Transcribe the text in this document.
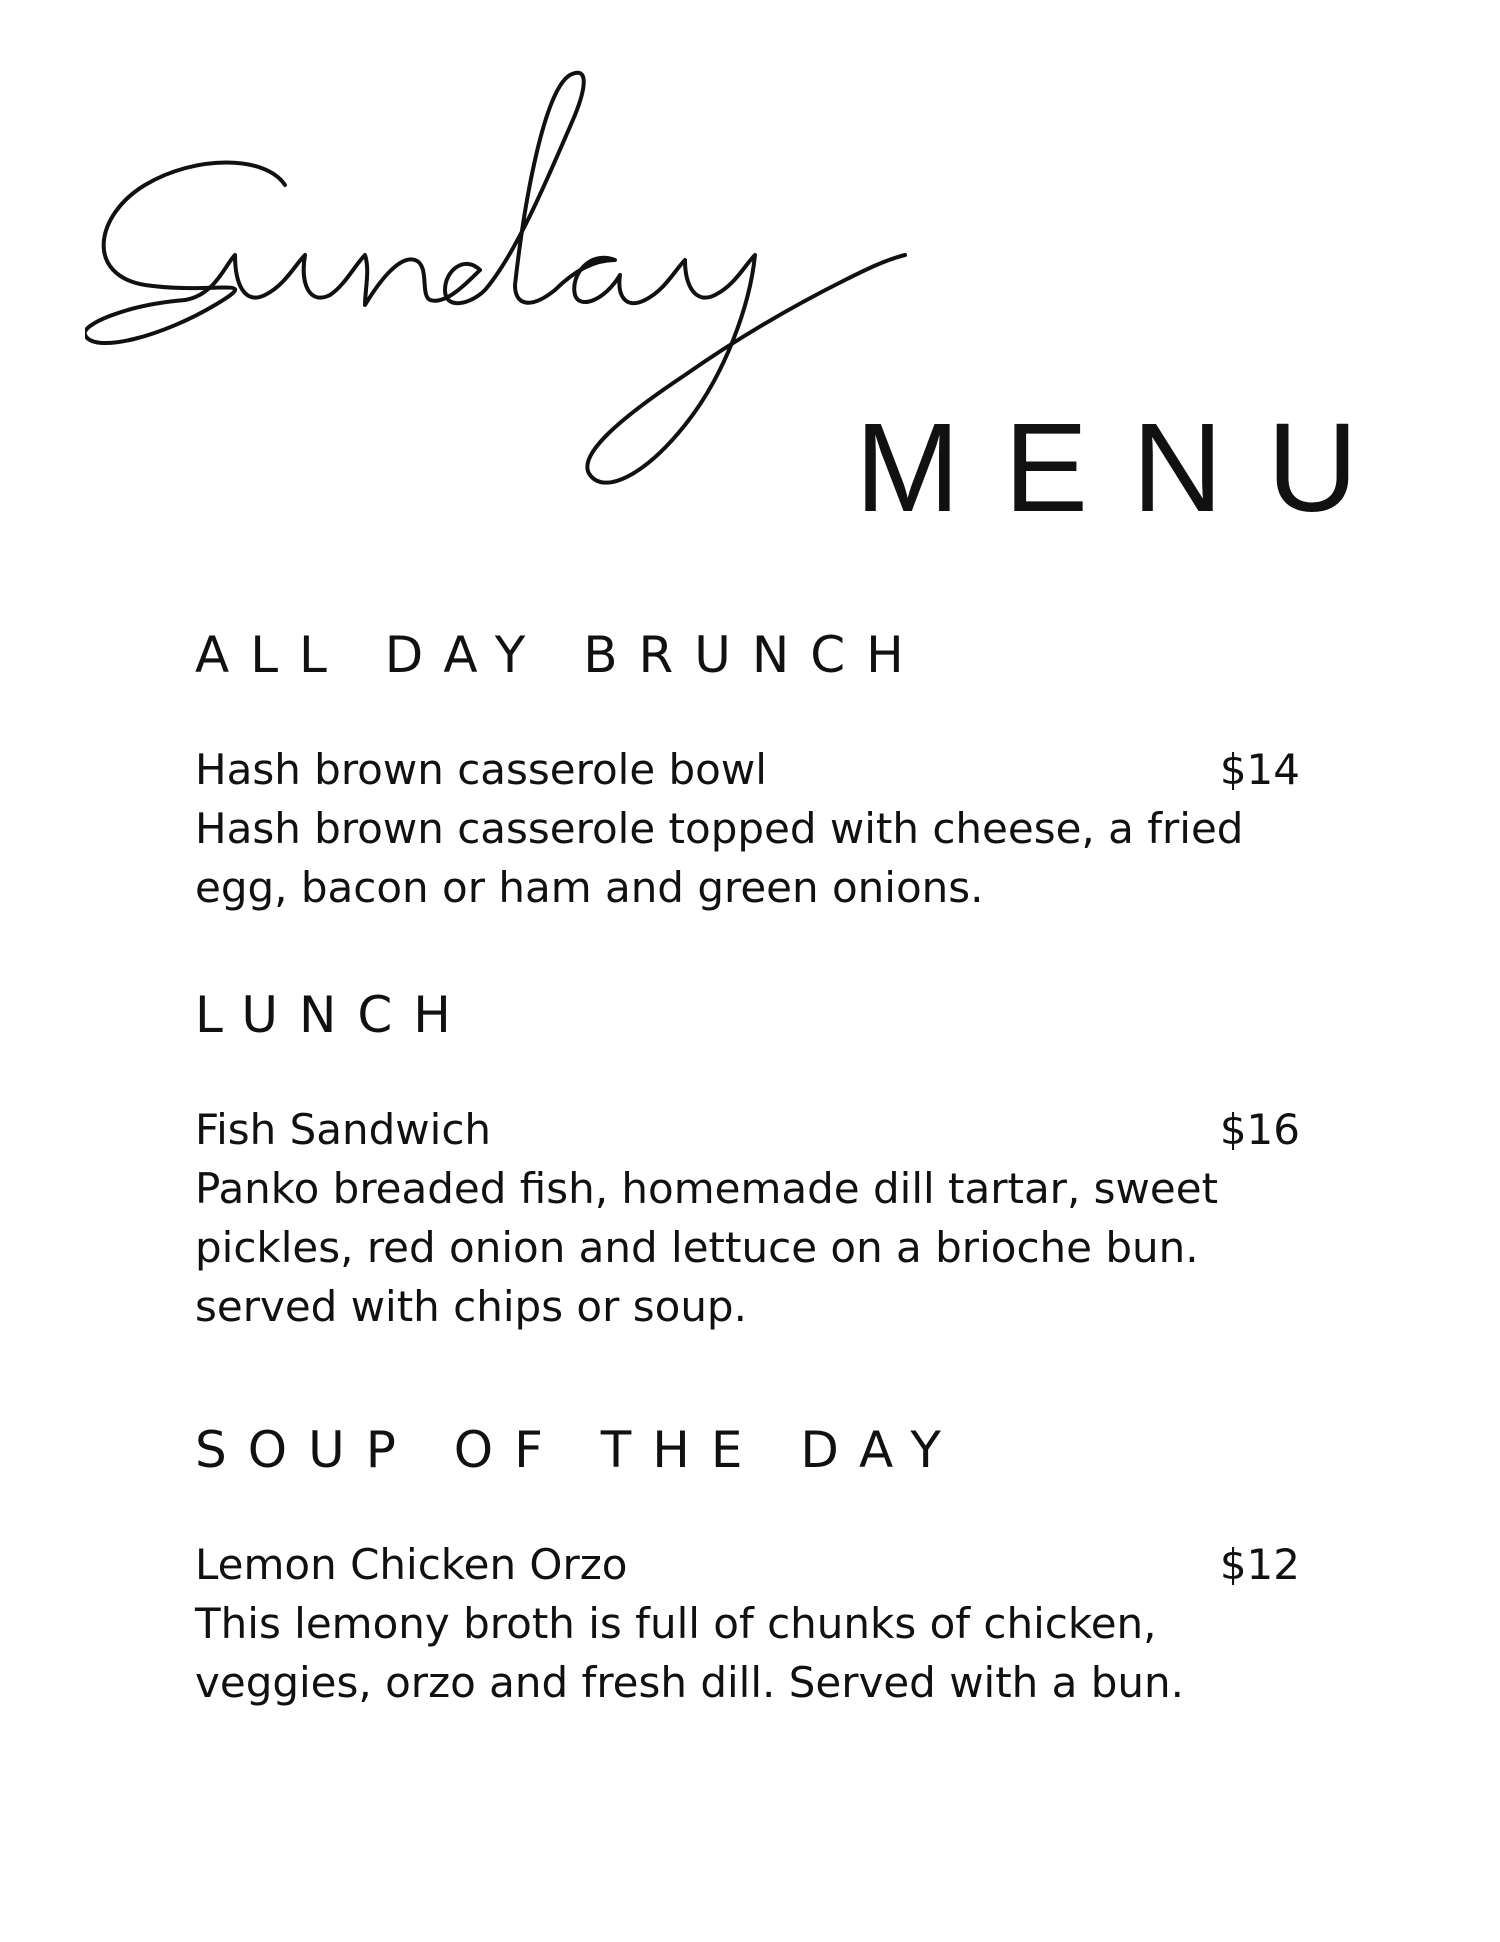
MENU
ALL DAY BRUNCH
Hash brown casserole bowl	$14

Hash brown casserole topped with cheese, a fried
egg, bacon or ham and green onions.

LUNCH
Fish Sandwich	$16

Panko breaded fish, homemade dill tartar, sweet
pickles, red onion and lettuce on a brioche bun.
served with chips or soup.

SOUP OF THE DAY
Lemon Chicken Orzo	$12

This lemony broth is full of chunks of chicken,
veggies, orzo and fresh dill. Served with a bun.
